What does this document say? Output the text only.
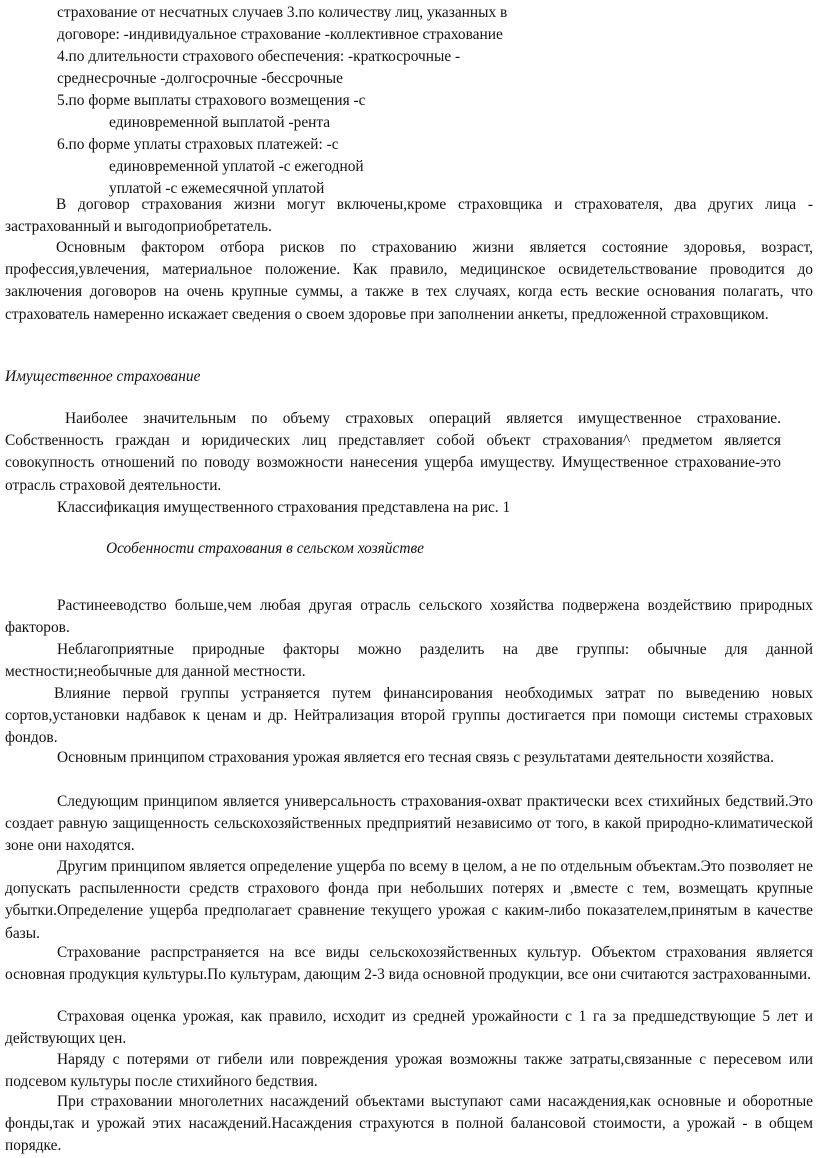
страхование от несчатных случаев 3.по количеству лиц, указанных в
договоре: -индивидуальное страхование -коллективное страхование
4.по длительности страхового обеспечения: -краткосрочные -
среднесрочные -долгосрочные -бессрочные
5.по форме выплаты страхового возмещения -с
единовременной выплатой -рента
6.по форме уплаты страховых платежей: -с
единовременной уплатой -с ежегодной
уплатой -с ежемесячной уплатой

В договор страхования жизни могут включены,кроме страховщика и страхователя, два других лица - застрахованный и выгодоприобретатель.

Основным фактором отбора рисков по страхованию жизни является состояние здоровья, возраст, профессия,увлечения, материальное положение. Как правило, медицинское освидетельствование проводится до заключения договоров на очень крупные суммы, а также в тех случаях, когда есть веские основания полагать, что страхователь намеренно искажает сведения о своем здоровье при заполнении анкеты, предложенной страховщиком.

Имущественное страхование

Наиболее значительным по объему страховых операций является имущественное страхование. Собственность граждан и юридических лиц представляет собой объект страхования^ предметом является совокупность отношений по поводу возможности нанесения ущерба имуществу. Имущественное страхование-это отрасль страховой деятельности.

Классификация имущественного страхования представлена на рис. 1
Особенности страхования в сельском хозяйстве

Растинееводство больше,чем любая другая отрасль сельского хозяйства подвержена воздействию природных факторов.

Неблагоприятные природные факторы можно разделить на две группы: обычные для данной местности;необычные для данной местности.

Влияние первой группы устраняется путем финансирования необходимых затрат по выведению новых сортов,установки надбавок к ценам и др. Нейтрализация второй группы достигается при помощи системы страховых фондов.

Основным принципом страхования урожая является его тесная связь с результатами деятельности хозяйства.

Следующим принципом является универсальность страхования-охват практически всех стихийных бедствий.Это создает равную защищенность сельскохозяйственных предприятий независимо от того, в какой природно-климатической зоне они находятся.

Другим принципом является определение ущерба по всему в целом, а не по отдельным объектам.Это позволяет не допускать распыленности средств страхового фонда при небольших потерях и ,вместе с тем, возмещать крупные убытки.Определение ущерба предполагает сравнение текущего урожая с каким-либо показателем,принятым в качестве базы.

Страхование распрстраняется на все виды сельскохозяйственных культур. Объектом страхования является основная продукция культуры.По культурам, дающим 2-3 вида основной продукции, все они считаются застрахованными.

Страховая оценка урожая, как правило, исходит из средней урожайности с 1 га за предшедствующие 5 лет и действующих цен.

Наряду с потерями от гибели или повреждения урожая возможны также затраты,связанные с пересевом или подсевом культуры после стихийного бедствия.

При страховании многолетних насаждений объектами выступают сами насаждения,как основные и оборотные фонды,так и урожай этих насаждений.Насаждения страхуются в полной балансовой стоимости, а урожай - в общем порядке.
